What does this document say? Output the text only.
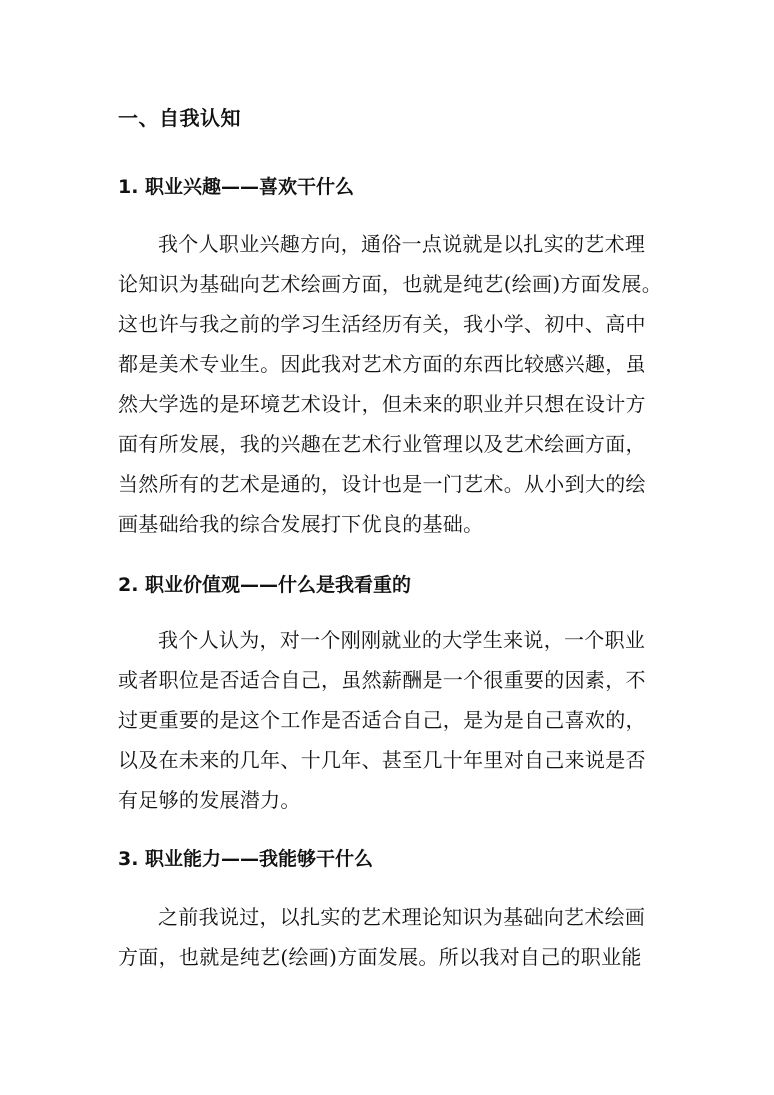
一、自我认知
1. 职业兴趣——喜欢干什么
我个人职业兴趣方向，通俗一点说就是以扎实的艺术理
论知识为基础向艺术绘画方面，也就是纯艺(绘画)方面发展。
这也许与我之前的学习生活经历有关，我小学、初中、高中
都是美术专业生。因此我对艺术方面的东西比较感兴趣，虽
然大学选的是环境艺术设计，但未来的职业并只想在设计方
面有所发展，我的兴趣在艺术行业管理以及艺术绘画方面，
当然所有的艺术是通的，设计也是一门艺术。从小到大的绘
画基础给我的综合发展打下优良的基础。
2. 职业价值观——什么是我看重的
我个人认为，对一个刚刚就业的大学生来说，一个职业
或者职位是否适合自己，虽然薪酬是一个很重要的因素，不
过更重要的是这个工作是否适合自己，是为是自己喜欢的，
以及在未来的几年、十几年、甚至几十年里对自己来说是否
有足够的发展潜力。
3. 职业能力——我能够干什么
之前我说过，以扎实的艺术理论知识为基础向艺术绘画
方面，也就是纯艺(绘画)方面发展。所以我对自己的职业能
